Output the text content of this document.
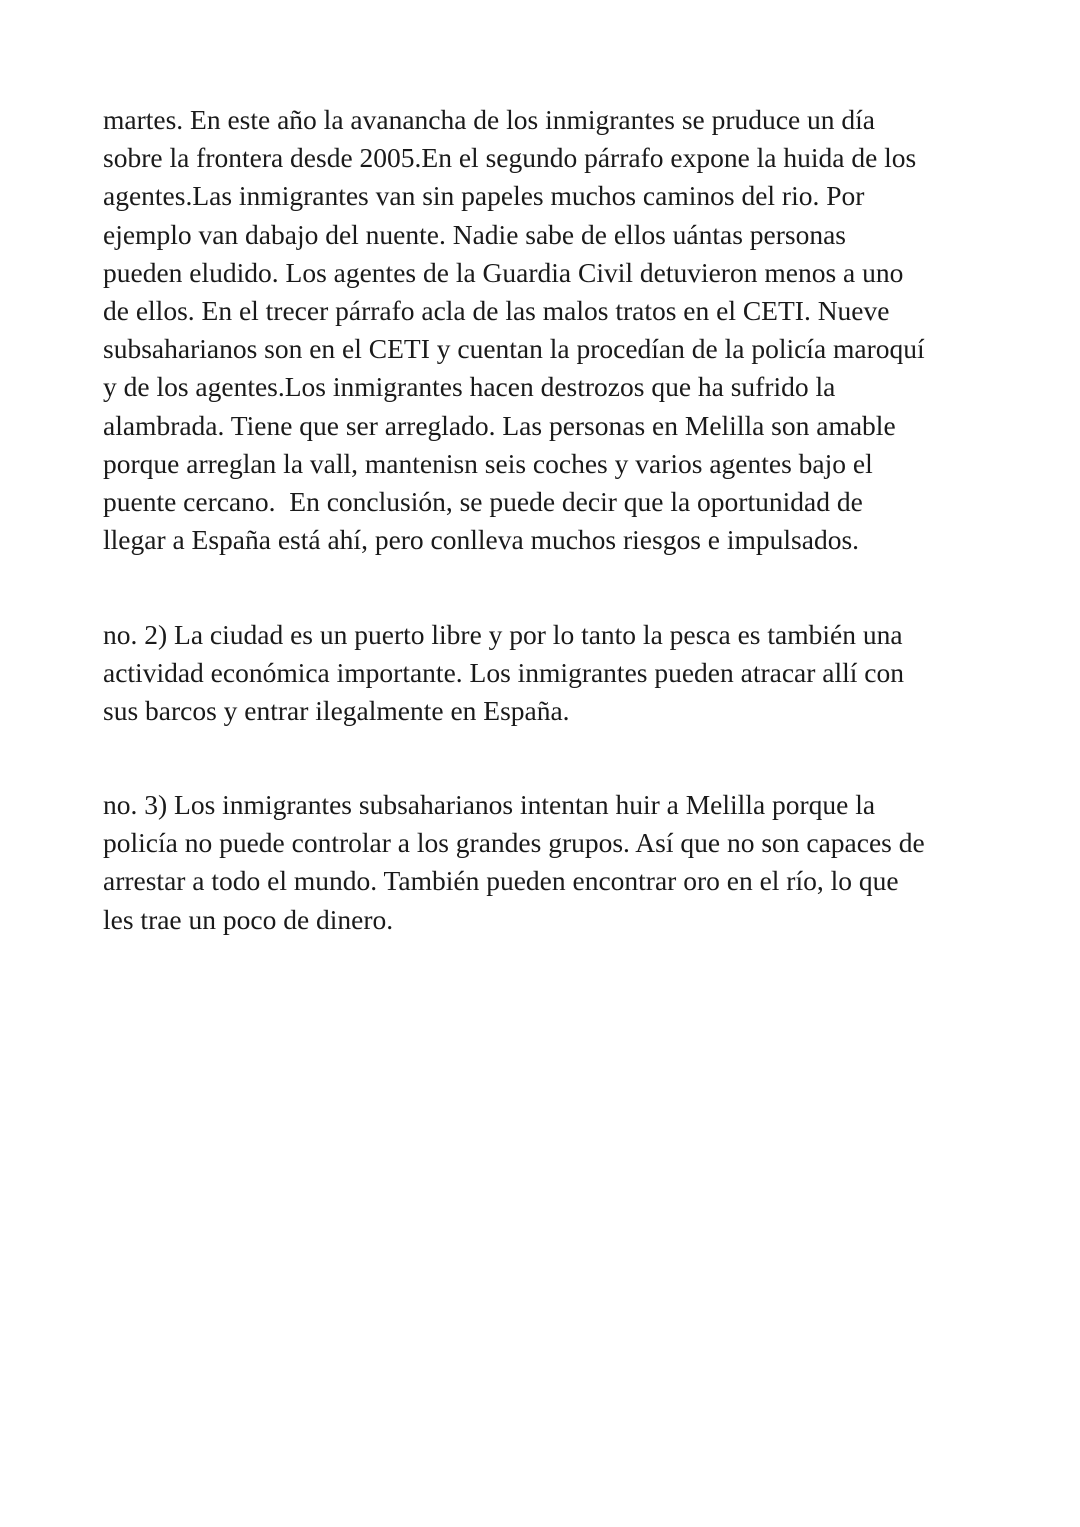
martes. En este año la avanancha de los inmigrantes se pruduce un día
sobre la frontera desde 2005.En el segundo párrafo expone la huida de los
agentes.Las inmigrantes van sin papeles muchos caminos del rio. Por
ejemplo van dabajo del nuente. Nadie sabe de ellos uántas personas
pueden eludido. Los agentes de la Guardia Civil detuvieron menos a uno
de ellos. En el trecer párrafo acla de las malos tratos en el CETI. Nueve
subsaharianos son en el CETI y cuentan la procedían de la policía maroquí
y de los agentes.Los inmigrantes hacen destrozos que ha sufrido la
alambrada. Tiene que ser arreglado. Las personas en Melilla son amable
porque arreglan la vall, mantenisn seis coches y varios agentes bajo el
puente cercano.  En conclusión, se puede decir que la oportunidad de
llegar a España está ahí, pero conlleva muchos riesgos e impulsados.

no. 2) La ciudad es un puerto libre y por lo tanto la pesca es también una
actividad económica importante. Los inmigrantes pueden atracar allí con
sus barcos y entrar ilegalmente en España.

no. 3) Los inmigrantes subsaharianos intentan huir a Melilla porque la
policía no puede controlar a los grandes grupos. Así que no son capaces de
arrestar a todo el mundo. También pueden encontrar oro en el río, lo que
les trae un poco de dinero.
